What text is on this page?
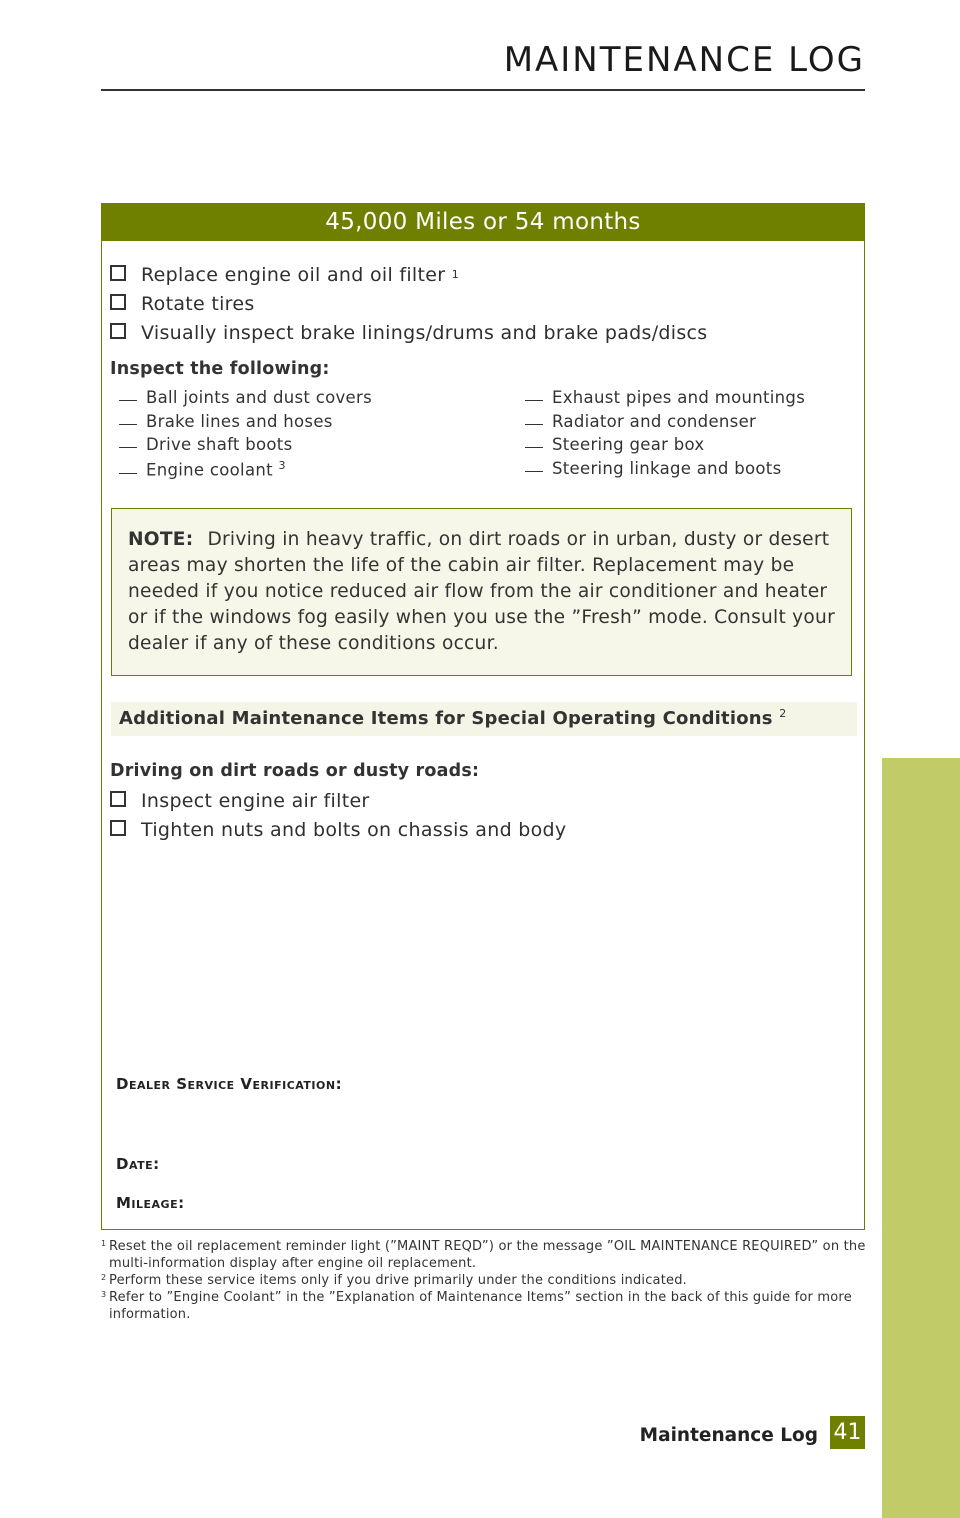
MAINTENANCE LOG
45,000 Miles or 54 months
Replace engine oil and oil filter
1
Rotate tires
Visually inspect brake linings/drums and brake pads/discs
Inspect the following:
Ball joints and dust covers
Brake lines and hoses
Drive shaft boots
Engine coolant $^3$
Exhaust pipes and mountings
Radiator and condenser
Steering gear box
Steering linkage and boots
NOTE: Driving in heavy traffic, on dirt roads or in urban, dusty or desert areas may shorten the life of the cabin air filter. Replacement may be needed if you notice reduced air flow from the air conditioner and heater or if the windows fog easily when you use the ”Fresh” mode. Consult your dealer if any of these conditions occur.
Additional Maintenance Items for Special Operating Conditions $^2$
Driving on dirt roads or dusty roads:
Inspect engine air filter
Tighten nuts and bolts on chassis and body
Dealer Service Verification:
Date:
Mileage:
1 Reset the oil replacement reminder light (”MAINT REQD”) or the message ”OIL MAINTENANCE REQUIRED” on the multi-information display after engine oil replacement.
2 Perform these service items only if you drive primarily under the conditions indicated.
3 Refer to ”Engine Coolant” in the ”Explanation of Maintenance Items” section in the back of this guide for more information.
Maintenance Log 41
MAINTENANCE
